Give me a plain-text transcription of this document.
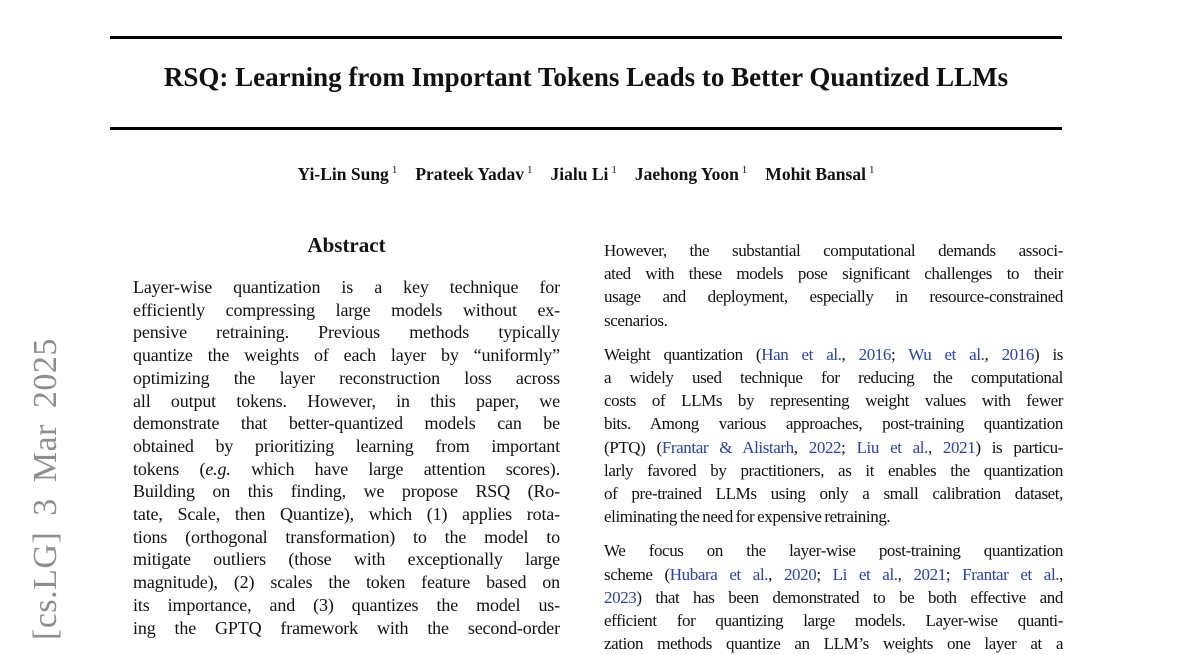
[cs.LG] 3 Mar 2025
RSQ: Learning from Important Tokens Leads to Better Quantized LLMs
Yi-Lin Sung $^1$ Prateek Yadav $^1$ Jialu Li $^1$ Jaehong Yoon $^1$ Mohit Bansal $^1$
Abstract
Layer-wise quantization is a key technique for
efficiently compressing large models without ex-
pensive retraining. Previous methods typically
quantize the weights of each layer by “uniformly”
optimizing the layer reconstruction loss across
all output tokens. However, in this paper, we
demonstrate that better-quantized models can be
obtained by prioritizing learning from important
tokens (e.g. which have large attention scores).
Building on this finding, we propose RSQ (Ro-
tate, Scale, then Quantize), which (1) applies rota-
tions (orthogonal transformation) to the model to
mitigate outliers (those with exceptionally large
magnitude), (2) scales the token feature based on
its importance, and (3) quantizes the model us-
ing the GPTQ framework with the second-order
However, the substantial computational demands associ-
ated with these models pose significant challenges to their
usage and deployment, especially in resource-constrained
scenarios.
Weight quantization (Han et al., 2016; Wu et al., 2016) is
a widely used technique for reducing the computational
costs of LLMs by representing weight values with fewer
bits. Among various approaches, post-training quantization
(PTQ) (Frantar & Alistarh, 2022; Liu et al., 2021) is particu-
larly favored by practitioners, as it enables the quantization
of pre-trained LLMs using only a small calibration dataset,
eliminating the need for expensive retraining.
We focus on the layer-wise post-training quantization
scheme (Hubara et al., 2020; Li et al., 2021; Frantar et al.,
2023) that has been demonstrated to be both effective and
efficient for quantizing large models. Layer-wise quanti-
zation methods quantize an LLM’s weights one layer at a
